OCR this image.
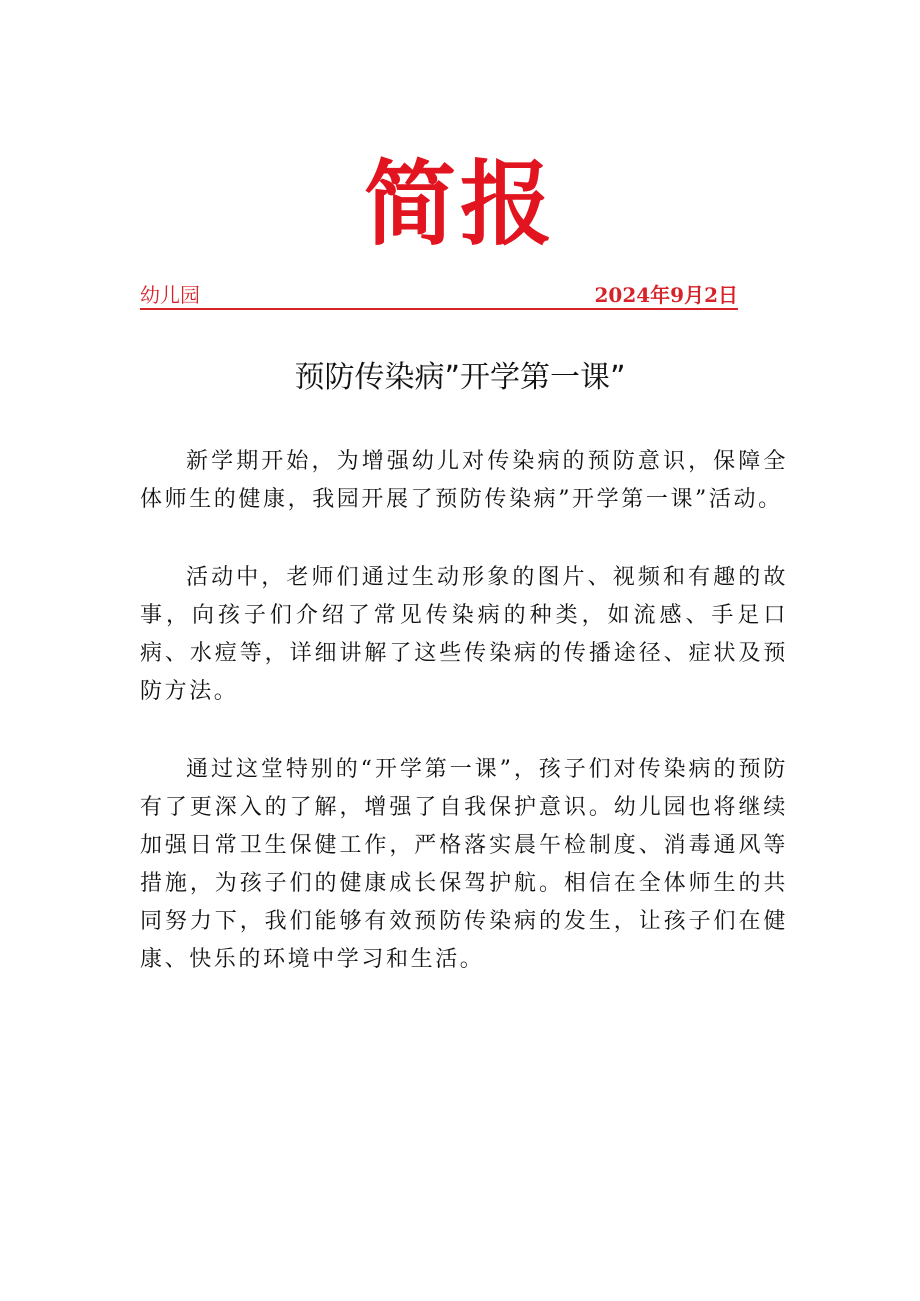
简报
幼儿园	2024年9月2日
预防传染病”开学第一课”

新学期开始，为增强幼儿对传染病的预防意识，保障全体师生的健康，我园开展了预防传染病”开学第一课”活动。

活动中，老师们通过生动形象的图片、视频和有趣的故事，向孩子们介绍了常见传染病的种类，如流感、手足口病、水痘等，详细讲解了这些传染病的传播途径、症状及预防方法。

通过这堂特别的“开学第一课”，孩子们对传染病的预防有了更深入的了解，增强了自我保护意识。幼儿园也将继续加强日常卫生保健工作，严格落实晨午检制度、消毒通风等措施，为孩子们的健康成长保驾护航。相信在全体师生的共同努力下，我们能够有效预防传染病的发生，让孩子们在健康、快乐的环境中学习和生活。
